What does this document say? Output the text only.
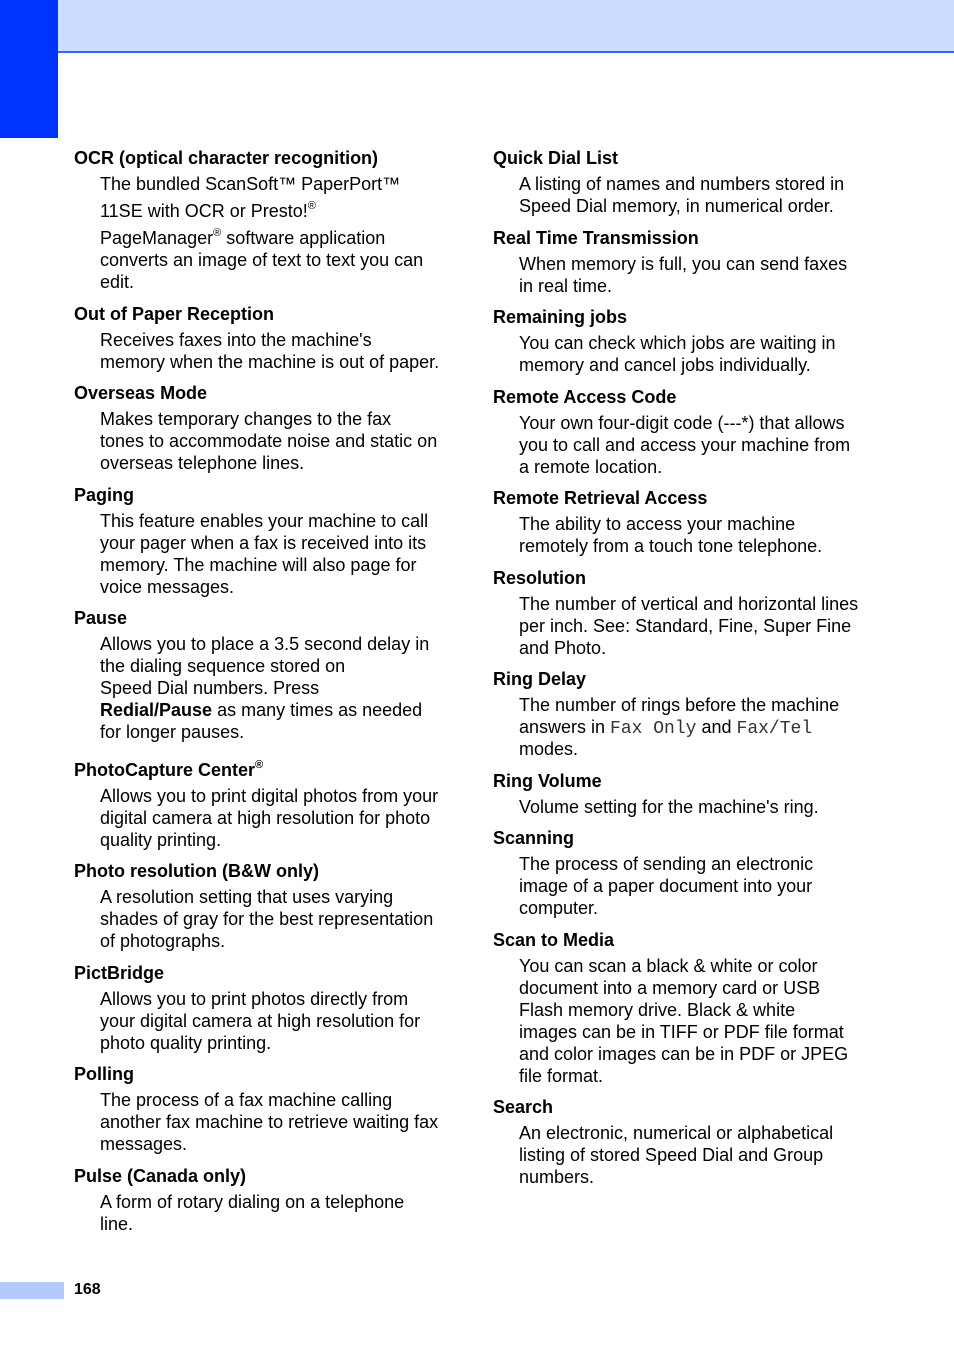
OCR (optical character recognition)
The bundled ScanSoft™ PaperPort™
11SE with OCR or Presto!®
PageManager® software application
converts an image of text to text you can
edit.
Out of Paper Reception
Receives faxes into the machine's
memory when the machine is out of paper.
Overseas Mode
Makes temporary changes to the fax
tones to accommodate noise and static on
overseas telephone lines.
Paging
This feature enables your machine to call
your pager when a fax is received into its
memory. The machine will also page for
voice messages.
Pause
Allows you to place a 3.5 second delay in
the dialing sequence stored on
Speed Dial numbers. Press
Redial/Pause as many times as needed
for longer pauses.
PhotoCapture Center®
Allows you to print digital photos from your
digital camera at high resolution for photo
quality printing.
Photo resolution (B&W only)
A resolution setting that uses varying
shades of gray for the best representation
of photographs.
PictBridge
Allows you to print photos directly from
your digital camera at high resolution for
photo quality printing.
Polling
The process of a fax machine calling
another fax machine to retrieve waiting fax
messages.
Pulse (Canada only)
A form of rotary dialing on a telephone
line.
Quick Dial List
A listing of names and numbers stored in
Speed Dial memory, in numerical order.
Real Time Transmission
When memory is full, you can send faxes
in real time.
Remaining jobs
You can check which jobs are waiting in
memory and cancel jobs individually.
Remote Access Code
Your own four-digit code (---*) that allows
you to call and access your machine from
a remote location.
Remote Retrieval Access
The ability to access your machine
remotely from a touch tone telephone.
Resolution
The number of vertical and horizontal lines
per inch. See: Standard, Fine, Super Fine
and Photo.
Ring Delay
The number of rings before the machine
answers in Fax Only and Fax/Tel
modes.
Ring Volume
Volume setting for the machine's ring.
Scanning
The process of sending an electronic
image of a paper document into your
computer.
Scan to Media
You can scan a black & white or color
document into a memory card or USB
Flash memory drive. Black & white
images can be in TIFF or PDF file format
and color images can be in PDF or JPEG
file format.
Search
An electronic, numerical or alphabetical
listing of stored Speed Dial and Group
numbers.
168
